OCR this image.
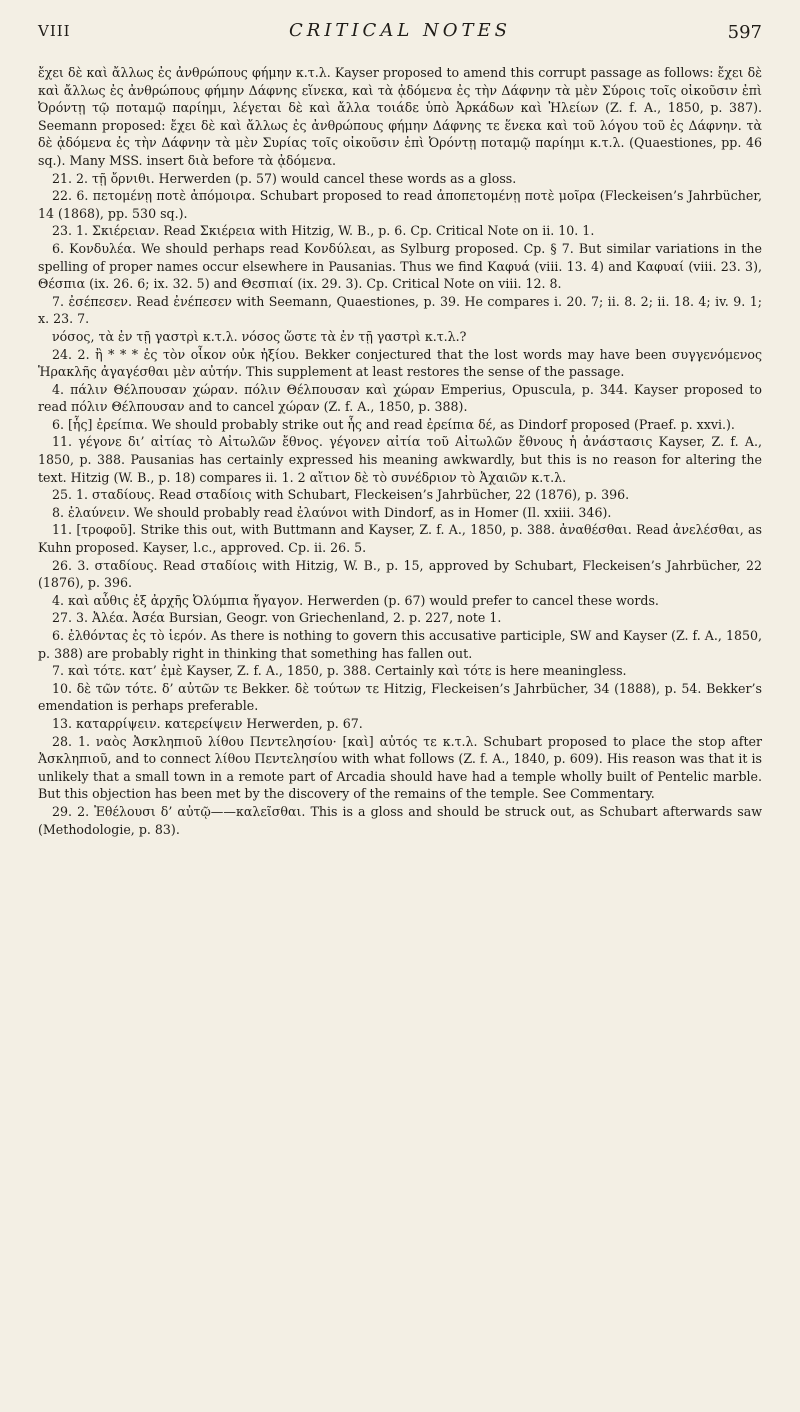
VIII	CRITICAL NOTES	597

ἔχει δὲ καὶ ἄλλως ἐς ἀνθρώπους φήμην κ.τ.λ. Kayser proposed to amend this corrupt passage as follows: ἔχει δὲ καὶ ἄλλως ἐς ἀνθρώπους φήμην Δάφνης εἵνεκα, καὶ τὰ ᾀδόμενα ἐς τὴν Δάφνην τὰ μὲν Σύροις τοῖς οἰκοῦσιν ἐπὶ Ὀρόντῃ τῷ ποταμῷ παρίημι, λέγεται δὲ καὶ ἄλλα τοιάδε ὑπὸ Ἀρκάδων καὶ Ἠλείων (Z. f. A., 1850, p. 387). Seemann proposed: ἔχει δὲ καὶ ἄλλως ἐς ἀνθρώπους φήμην Δάφνης τε ἕνεκα καὶ τοῦ λόγου τοῦ ἐς Δάφνην. τὰ δὲ ᾀδόμενα ἐς τὴν Δάφνην τὰ μὲν Συρίας τοῖς οἰκοῦσιν ἐπὶ Ὀρόντῃ ποταμῷ παρίημι κ.τ.λ. (Quaestiones, pp. 46 sq.). Many MSS. insert διὰ before τὰ ᾀδόμενα.

21. 2. τῇ ὄρνιθι. Herwerden (p. 57) would cancel these words as a gloss.

22. 6. πετομένῃ ποτὲ ἀπόμοιρα. Schubart proposed to read ἀποπετομένῃ ποτὲ μοῖρα (Fleckeisen’s Jahrbücher, 14 (1868), pp. 530 sq.).

23. 1. Σκιέρειαν. Read Σκιέρεια with Hitzig, W. B., p. 6. Cp. Critical Note on ii. 10. 1.

6. Κονδυλέα. We should perhaps read Κονδύλεαι, as Sylburg proposed. Cp. § 7. But similar variations in the spelling of proper names occur elsewhere in Pausanias. Thus we find Καφυά (viii. 13. 4) and Καφυαί (viii. 23. 3), Θέσπια (ix. 26. 6; ix. 32. 5) and Θεσπιαί (ix. 29. 3). Cp. Critical Note on viii. 12. 8.

7. ἐσέπεσεν. Read ἐνέπεσεν with Seemann, Quaestiones, p. 39. He compares i. 20. 7; ii. 8. 2; ii. 18. 4; iv. 9. 1; x. 23. 7.

νόσος, τὰ ἐν τῇ γαστρὶ κ.τ.λ. νόσος ὥστε τὰ ἐν τῇ γαστρὶ κ.τ.λ.?

24. 2. ἢ * * * ἐς τὸν οἶκον οὐκ ἠξίου. Bekker conjectured that the lost words may have been συγγενόμενος Ἡρακλῆς ἀγαγέσθαι μὲν αὐτήν. This supplement at least restores the sense of the passage.

4. πάλιν Θέλπουσαν χώραν. πόλιν Θέλπουσαν καὶ χώραν Emperius, Opuscula, p. 344. Kayser proposed to read πόλιν Θέλπουσαν and to cancel χώραν (Z. f. A., 1850, p. 388).

6. [ἧς] ἐρείπια. We should probably strike out ἧς and read ἐρείπια δέ, as Dindorf proposed (Praef. p. xxvi.).

11. γέγονε δι’ αἰτίας τὸ Αἰτωλῶν ἔθνος. γέγονεν αἰτία τοῦ Αἰτωλῶν ἔθνους ἡ ἀνάστασις Kayser, Z. f. A., 1850, p. 388. Pausanias has certainly expressed his meaning awkwardly, but this is no reason for altering the text. Hitzig (W. B., p. 18) compares ii. 1. 2 αἴτιον δὲ τὸ συνέδριον τὸ Ἀχαιῶν κ.τ.λ.

25. 1. σταδίους. Read σταδίοις with Schubart, Fleckeisen’s Jahrbücher, 22 (1876), p. 396.

8. ἐλαύνειν. We should probably read ἐλαύνοι with Dindorf, as in Homer (Il. xxiii. 346).

11. [τροφοῦ]. Strike this out, with Buttmann and Kayser, Z. f. A., 1850, p. 388. ἀναθέσθαι. Read ἀνελέσθαι, as Kuhn proposed. Kayser, l.c., approved. Cp. ii. 26. 5.

26. 3. σταδίους. Read σταδίοις with Hitzig, W. B., p. 15, approved by Schubart, Fleckeisen’s Jahrbücher, 22 (1876), p. 396.

4. καὶ αὖθις ἐξ ἀρχῆς Ὀλύμπια ἤγαγον. Herwerden (p. 67) would prefer to cancel these words.

27. 3. Ἀλέα. Ἀσέα Bursian, Geogr. von Griechenland, 2. p. 227, note 1.

6. ἐλθόντας ἐς τὸ ἱερόν. As there is nothing to govern this accusative participle, SW and Kayser (Z. f. A., 1850, p. 388) are probably right in thinking that something has fallen out.

7. καὶ τότε. κατ’ ἐμὲ Kayser, Z. f. A., 1850, p. 388. Certainly καὶ τότε is here meaningless.

10. δὲ τῶν τότε. δ’ αὐτῶν τε Bekker. δὲ τούτων τε Hitzig, Fleckeisen’s Jahrbücher, 34 (1888), p. 54. Bekker’s emendation is perhaps preferable.

13. καταρρίψειν. κατερείψειν Herwerden, p. 67.

28. 1. ναὸς Ἀσκληπιοῦ λίθου Πεντελησίου· [καὶ] αὐτός τε κ.τ.λ. Schubart proposed to place the stop after Ἀσκληπιοῦ, and to connect λίθου Πεντελησίου with what follows (Z. f. A., 1840, p. 609). His reason was that it is unlikely that a small town in a remote part of Arcadia should have had a temple wholly built of Pentelic marble. But this objection has been met by the discovery of the remains of the temple. See Commentary.

29. 2. Ἐθέλουσι δ’ αὐτῷ——καλεῖσθαι. This is a gloss and should be struck out, as Schubart afterwards saw (Methodologie, p. 83).
